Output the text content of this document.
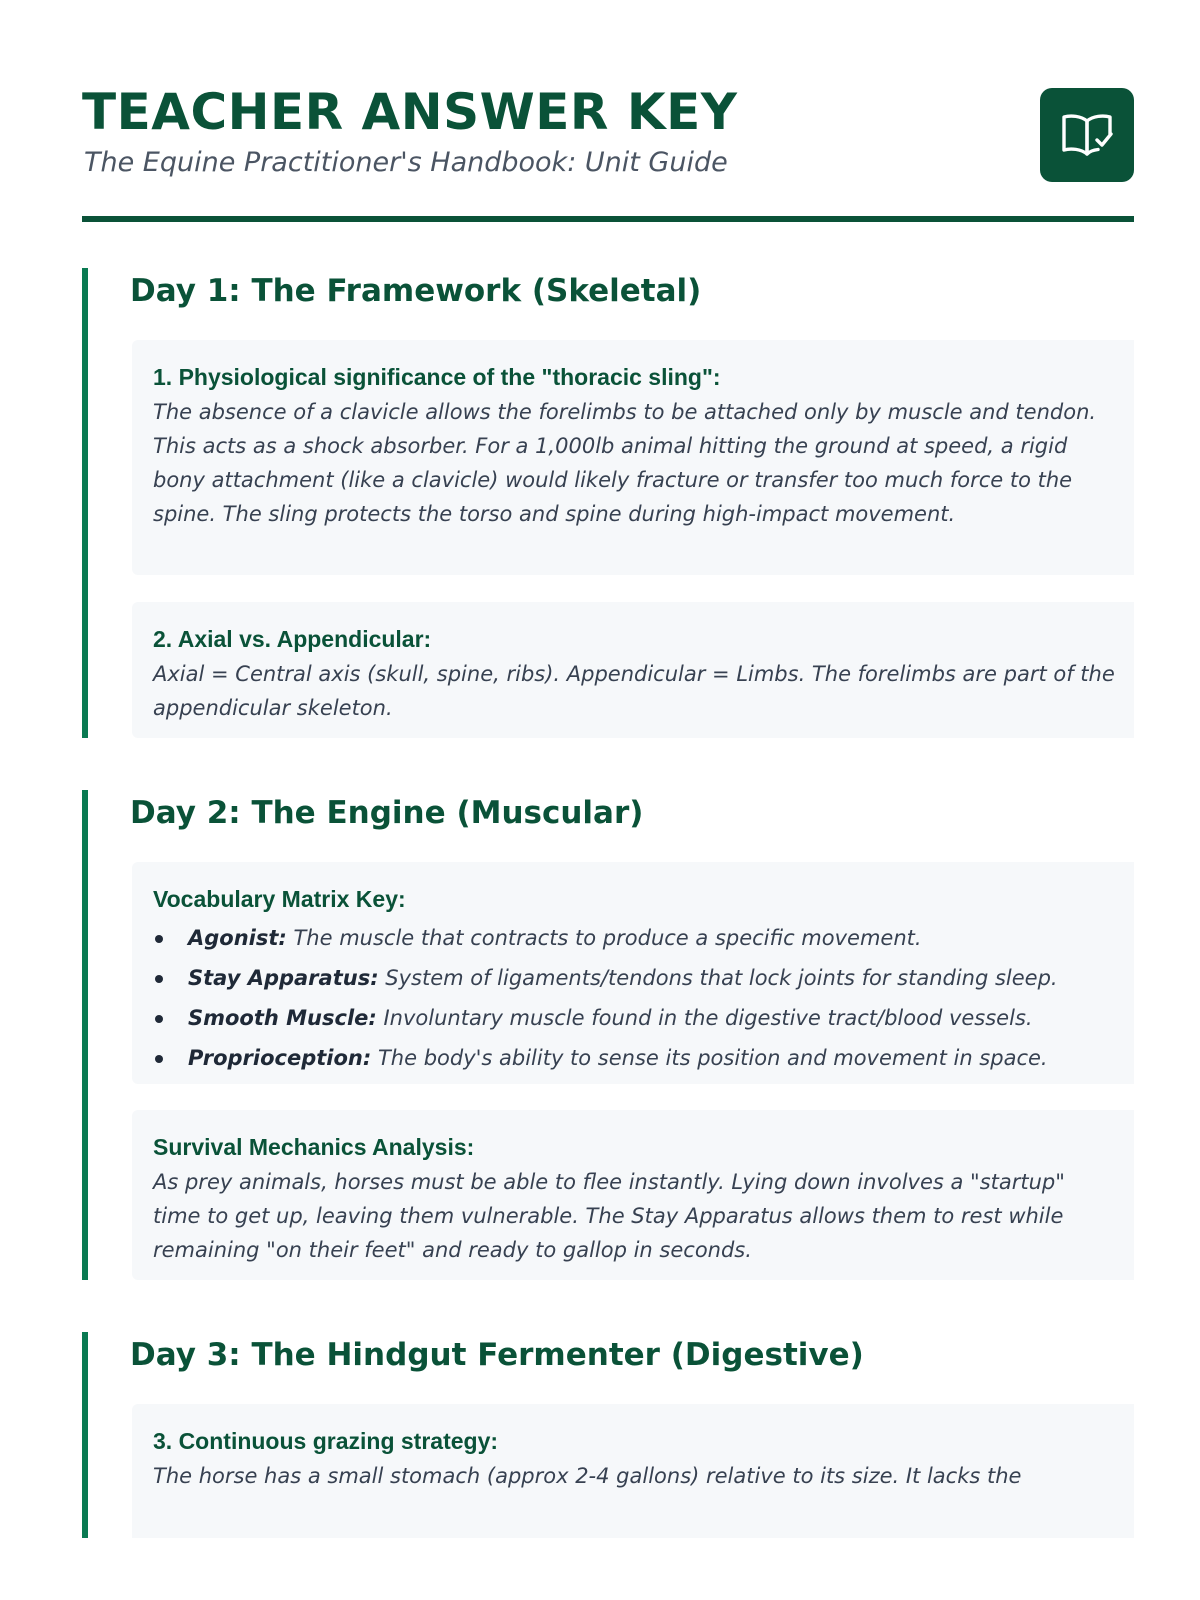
TEACHER ANSWER KEY

The Equine Practitioner's Handbook: Unit Guide

Day 1: The Framework (Skeletal)

1. Physiological significance of the "thoracic sling":

The absence of a clavicle allows the forelimbs to be attached only by muscle and tendon. This acts as a shock absorber. For a 1,000lb animal hitting the ground at speed, a rigid bony attachment (like a clavicle) would likely fracture or transfer too much force to the spine. The sling protects the torso and spine during high-impact movement.

2. Axial vs. Appendicular:

Axial = Central axis (skull, spine, ribs). Appendicular = Limbs. The forelimbs are part of the appendicular skeleton.

Day 2: The Engine (Muscular)

Vocabulary Matrix Key:

Agonist: The muscle that contracts to produce a specific movement.
Stay Apparatus: System of ligaments/tendons that lock joints for standing sleep.
Smooth Muscle: Involuntary muscle found in the digestive tract/blood vessels.
Proprioception: The body's ability to sense its position and movement in space.

Survival Mechanics Analysis:

As prey animals, horses must be able to flee instantly. Lying down involves a "startup" time to get up, leaving them vulnerable. The Stay Apparatus allows them to rest while remaining "on their feet" and ready to gallop in seconds.

Day 3: The Hindgut Fermenter (Digestive)

3. Continuous grazing strategy:

The horse has a small stomach (approx 2-4 gallons) relative to its size. It lacks the
